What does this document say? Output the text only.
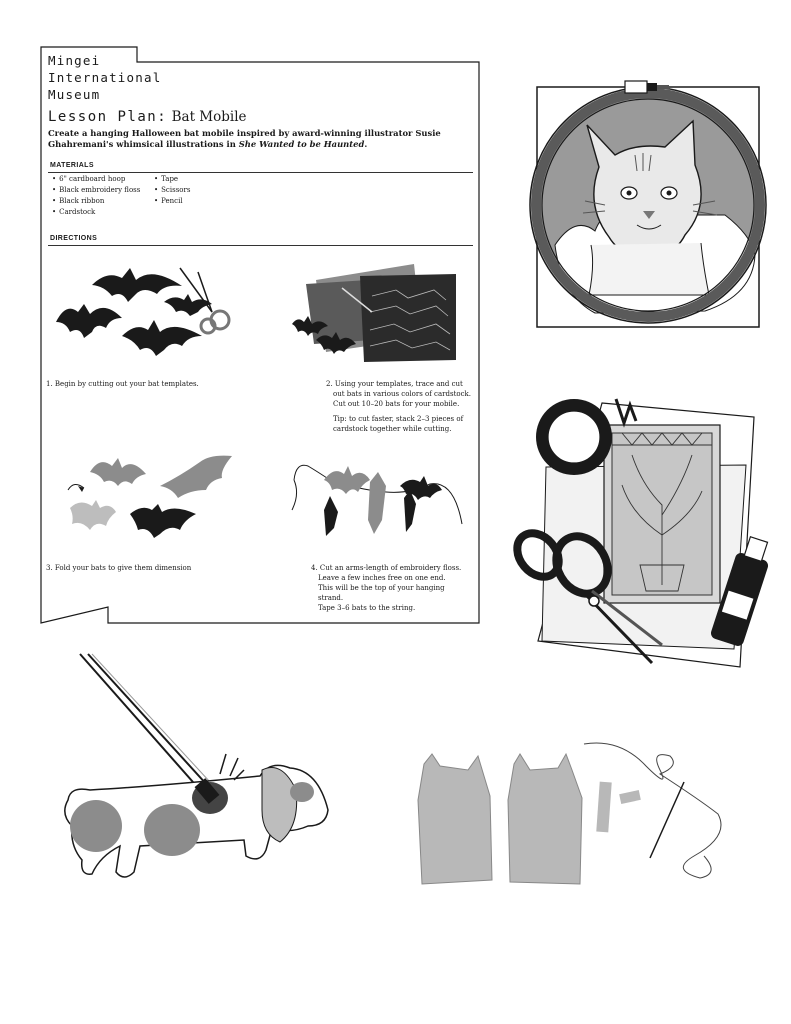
Mingei
International
Museum
Lesson Plan: Bat Mobile
Create a hanging Halloween bat mobile inspired by award-winning illustrator Susie Ghahremani's whimsical illustrations in She Wanted to be Haunted.
MATERIALS
• 6" cardboard hoop
• Black embroidery floss
• Black ribbon
• Cardstock
• Tape
• Scissors
• Pencil
DIRECTIONS

1. Begin by cutting out your bat templates.	2. Using your templates, trace and cut

out bats in various colors of cardstock.

Cut out 10–20 bats for your mobile.

Tip: to cut faster, stack 2–3 pieces of

cardstock together while cutting.

3. Fold your bats to give them dimension	4. Cut an arms-length of embroidery floss.

Leave a few inches free on one end.

This will be the top of your hanging

strand.

Tape 3–6 bats to the string.
